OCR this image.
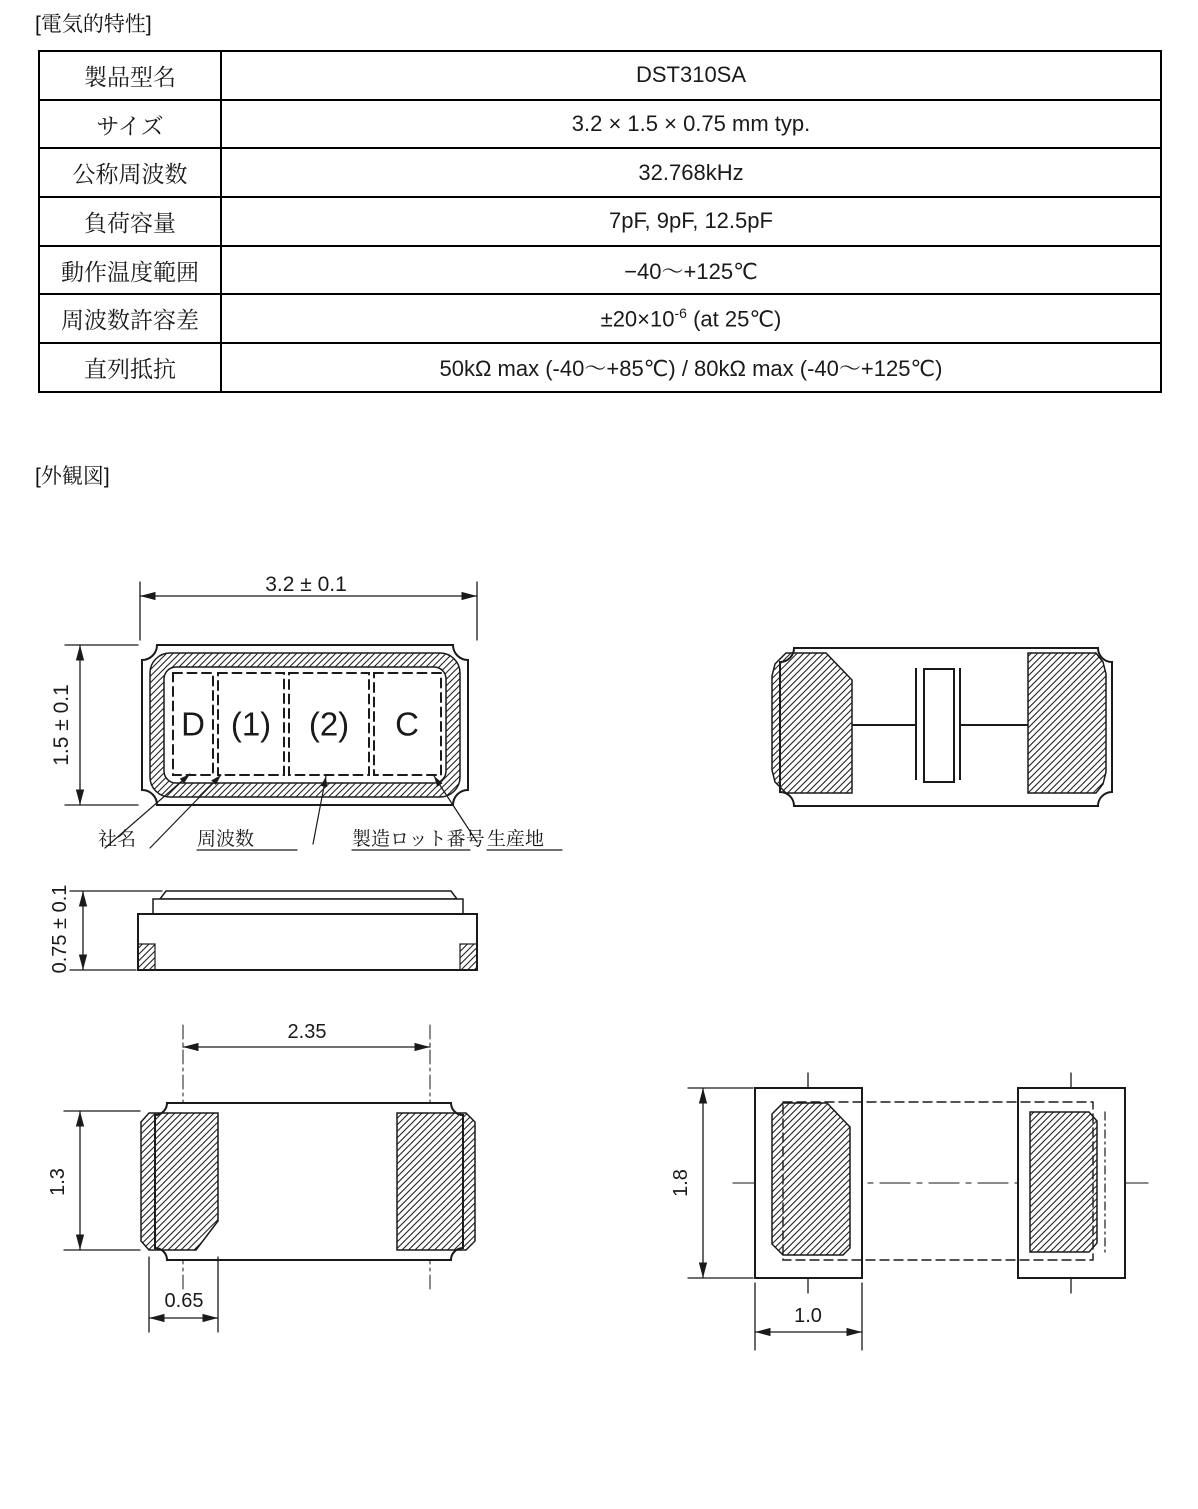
[電気的特性]
製品型名	DST310SA
サイズ	3.2 × 1.5 × 0.75 mm typ.
公称周波数	32.768kHz
負荷容量	7pF, 9pF, 12.5pF
動作温度範囲	−40〜+125℃
周波数許容差	$\pm 20\times 10^{-6}$ (at 25℃)
直列抵抗	50kΩ max (-40〜+85℃) / 80kΩ max (-40〜+125℃)
[外観図]
3.2 ± 0.1
1.5 ± 0.1	D (1) (2) C
社名	周波数	製造ロット番号 生産地
0.75 ± 0.1
2.35
1.3
0.65
1.8
1.0
